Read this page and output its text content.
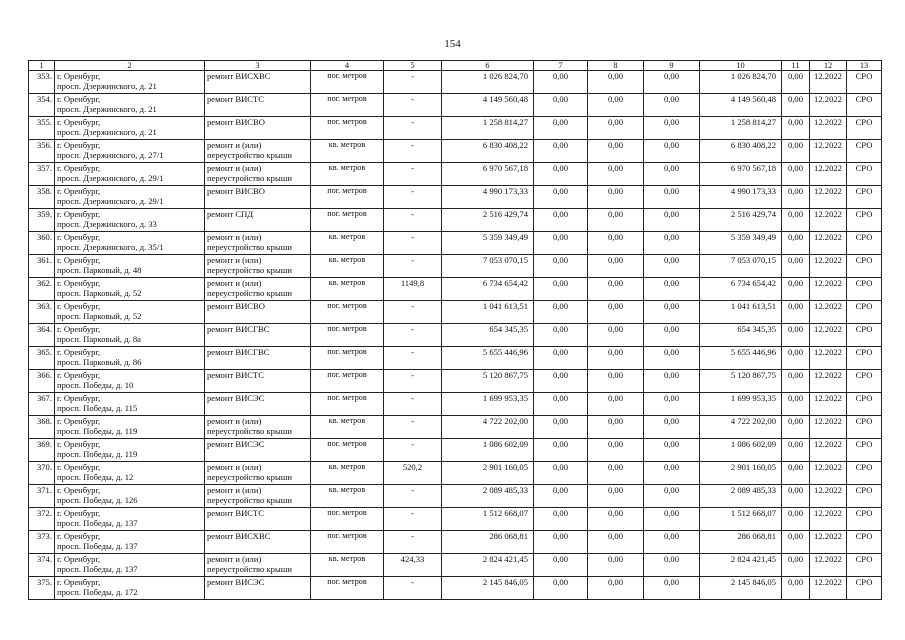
154
1	2	3	4	5	6	7	8	9	10	11	12	13
353.	г. Оренбург,
просп. Дзержинского, д. 21	ремонт ВИСХВС	пог. метров	-	1 026 824,70	0,00	0,00	0,00	1 026 824,70	0,00	12.2022	СРО
354.	г. Оренбург,
просп. Дзержинского, д. 21	ремонт ВИСТС	пог. метров	-	4 149 560,48	0,00	0,00	0,00	4 149 560,48	0,00	12.2022	СРО
355.	г. Оренбург,
просп. Дзержинского, д. 21	ремонт ВИСВО	пог. метров	-	1 258 814,27	0,00	0,00	0,00	1 258 814,27	0,00	12.2022	СРО
356.	г. Оренбург,
просп. Дзержинского, д. 27/1	ремонт и (или)
переустройство крыши	кв. метров	-	6 830 408,22	0,00	0,00	0,00	6 830 408,22	0,00	12.2022	СРО
357.	г. Оренбург,
просп. Дзержинского, д. 29/1	ремонт и (или)
переустройство крыши	кв. метров	-	6 970 567,18	0,00	0,00	0,00	6 970 567,18	0,00	12.2022	СРО
358.	г. Оренбург,
просп. Дзержинского, д. 29/1	ремонт ВИСВО	пог. метров	-	4 990 173,33	0,00	0,00	0,00	4 990 173,33	0,00	12.2022	СРО
359.	г. Оренбург,
просп. Дзержинского, д. 33	ремонт СПД	пог. метров	-	2 516 429,74	0,00	0,00	0,00	2 516 429,74	0,00	12.2022	СРО
360.	г. Оренбург,
просп. Дзержинского, д. 35/1	ремонт и (или)
переустройство крыши	кв. метров	-	5 359 349,49	0,00	0,00	0,00	5 359 349,49	0,00	12.2022	СРО
361.	г. Оренбург,
просп. Парковый, д. 48	ремонт и (или)
переустройство крыши	кв. метров	-	7 053 070,15	0,00	0,00	0,00	7 053 070,15	0,00	12.2022	СРО
362.	г. Оренбург,
просп. Парковый, д. 52	ремонт и (или)
переустройство крыши	кв. метров	1149,8	6 734 654,42	0,00	0,00	0,00	6 734 654,42	0,00	12.2022	СРО
363.	г. Оренбург,
просп. Парковый, д. 52	ремонт ВИСВО	пог. метров	-	1 041 613,51	0,00	0,00	0,00	1 041 613,51	0,00	12.2022	СРО
364.	г. Оренбург,
просп. Парковый, д. 8а	ремонт ВИСГВС	пог. метров	-	654 345,35	0,00	0,00	0,00	654 345,35	0,00	12.2022	СРО
365.	г. Оренбург,
просп. Парковый, д. 86	ремонт ВИСГВС	пог. метров	-	5 655 446,96	0,00	0,00	0,00	5 655 446,96	0,00	12.2022	СРО
366.	г. Оренбург,
просп. Победы, д. 10	ремонт ВИСТС	пог. метров	-	5 120 867,75	0,00	0,00	0,00	5 120 867,75	0,00	12.2022	СРО
367.	г. Оренбург,
просп. Победы, д. 115	ремонт ВИСЭС	пог. метров	-	1 699 953,35	0,00	0,00	0,00	1 699 953,35	0,00	12.2022	СРО
368.	г. Оренбург,
просп. Победы, д. 119	ремонт и (или)
переустройство крыши	кв. метров	-	4 722 202,00	0,00	0,00	0,00	4 722 202,00	0,00	12.2022	СРО
369.	г. Оренбург,
просп. Победы, д. 119	ремонт ВИСЭС	пог. метров	-	1 086 602,09	0,00	0,00	0,00	1 086 602,09	0,00	12.2022	СРО
370.	г. Оренбург,
просп. Победы, д. 12	ремонт и (или)
переустройство крыши	кв. метров	520,2	2 901 160,05	0,00	0,00	0,00	2 901 160,05	0,00	12.2022	СРО
371.	г. Оренбург,
просп. Победы, д. 126	ремонт и (или)
переустройство крыши	кв. метров	-	2 089 485,33	0,00	0,00	0,00	2 089 485,33	0,00	12.2022	СРО
372.	г. Оренбург,
просп. Победы, д. 137	ремонт ВИСТС	пог. метров	-	1 512 668,07	0,00	0,00	0,00	1 512 668,07	0,00	12.2022	СРО
373.	г. Оренбург,
просп. Победы, д. 137	ремонт ВИСХВС	пог. метров	-	286 068,81	0,00	0,00	0,00	286 068,81	0,00	12.2022	СРО
374.	г. Оренбург,
просп. Победы, д. 137	ремонт и (или)
переустройство крыши	кв. метров	424,33	2 824 421,45	0,00	0,00	0,00	2 824 421,45	0,00	12.2022	СРО
375.	г. Оренбург,
просп. Победы, д. 172	ремонт ВИСЭС	пог. метров	-	2 145 846,05	0,00	0,00	0,00	2 145 846,05	0,00	12.2022	СРО
